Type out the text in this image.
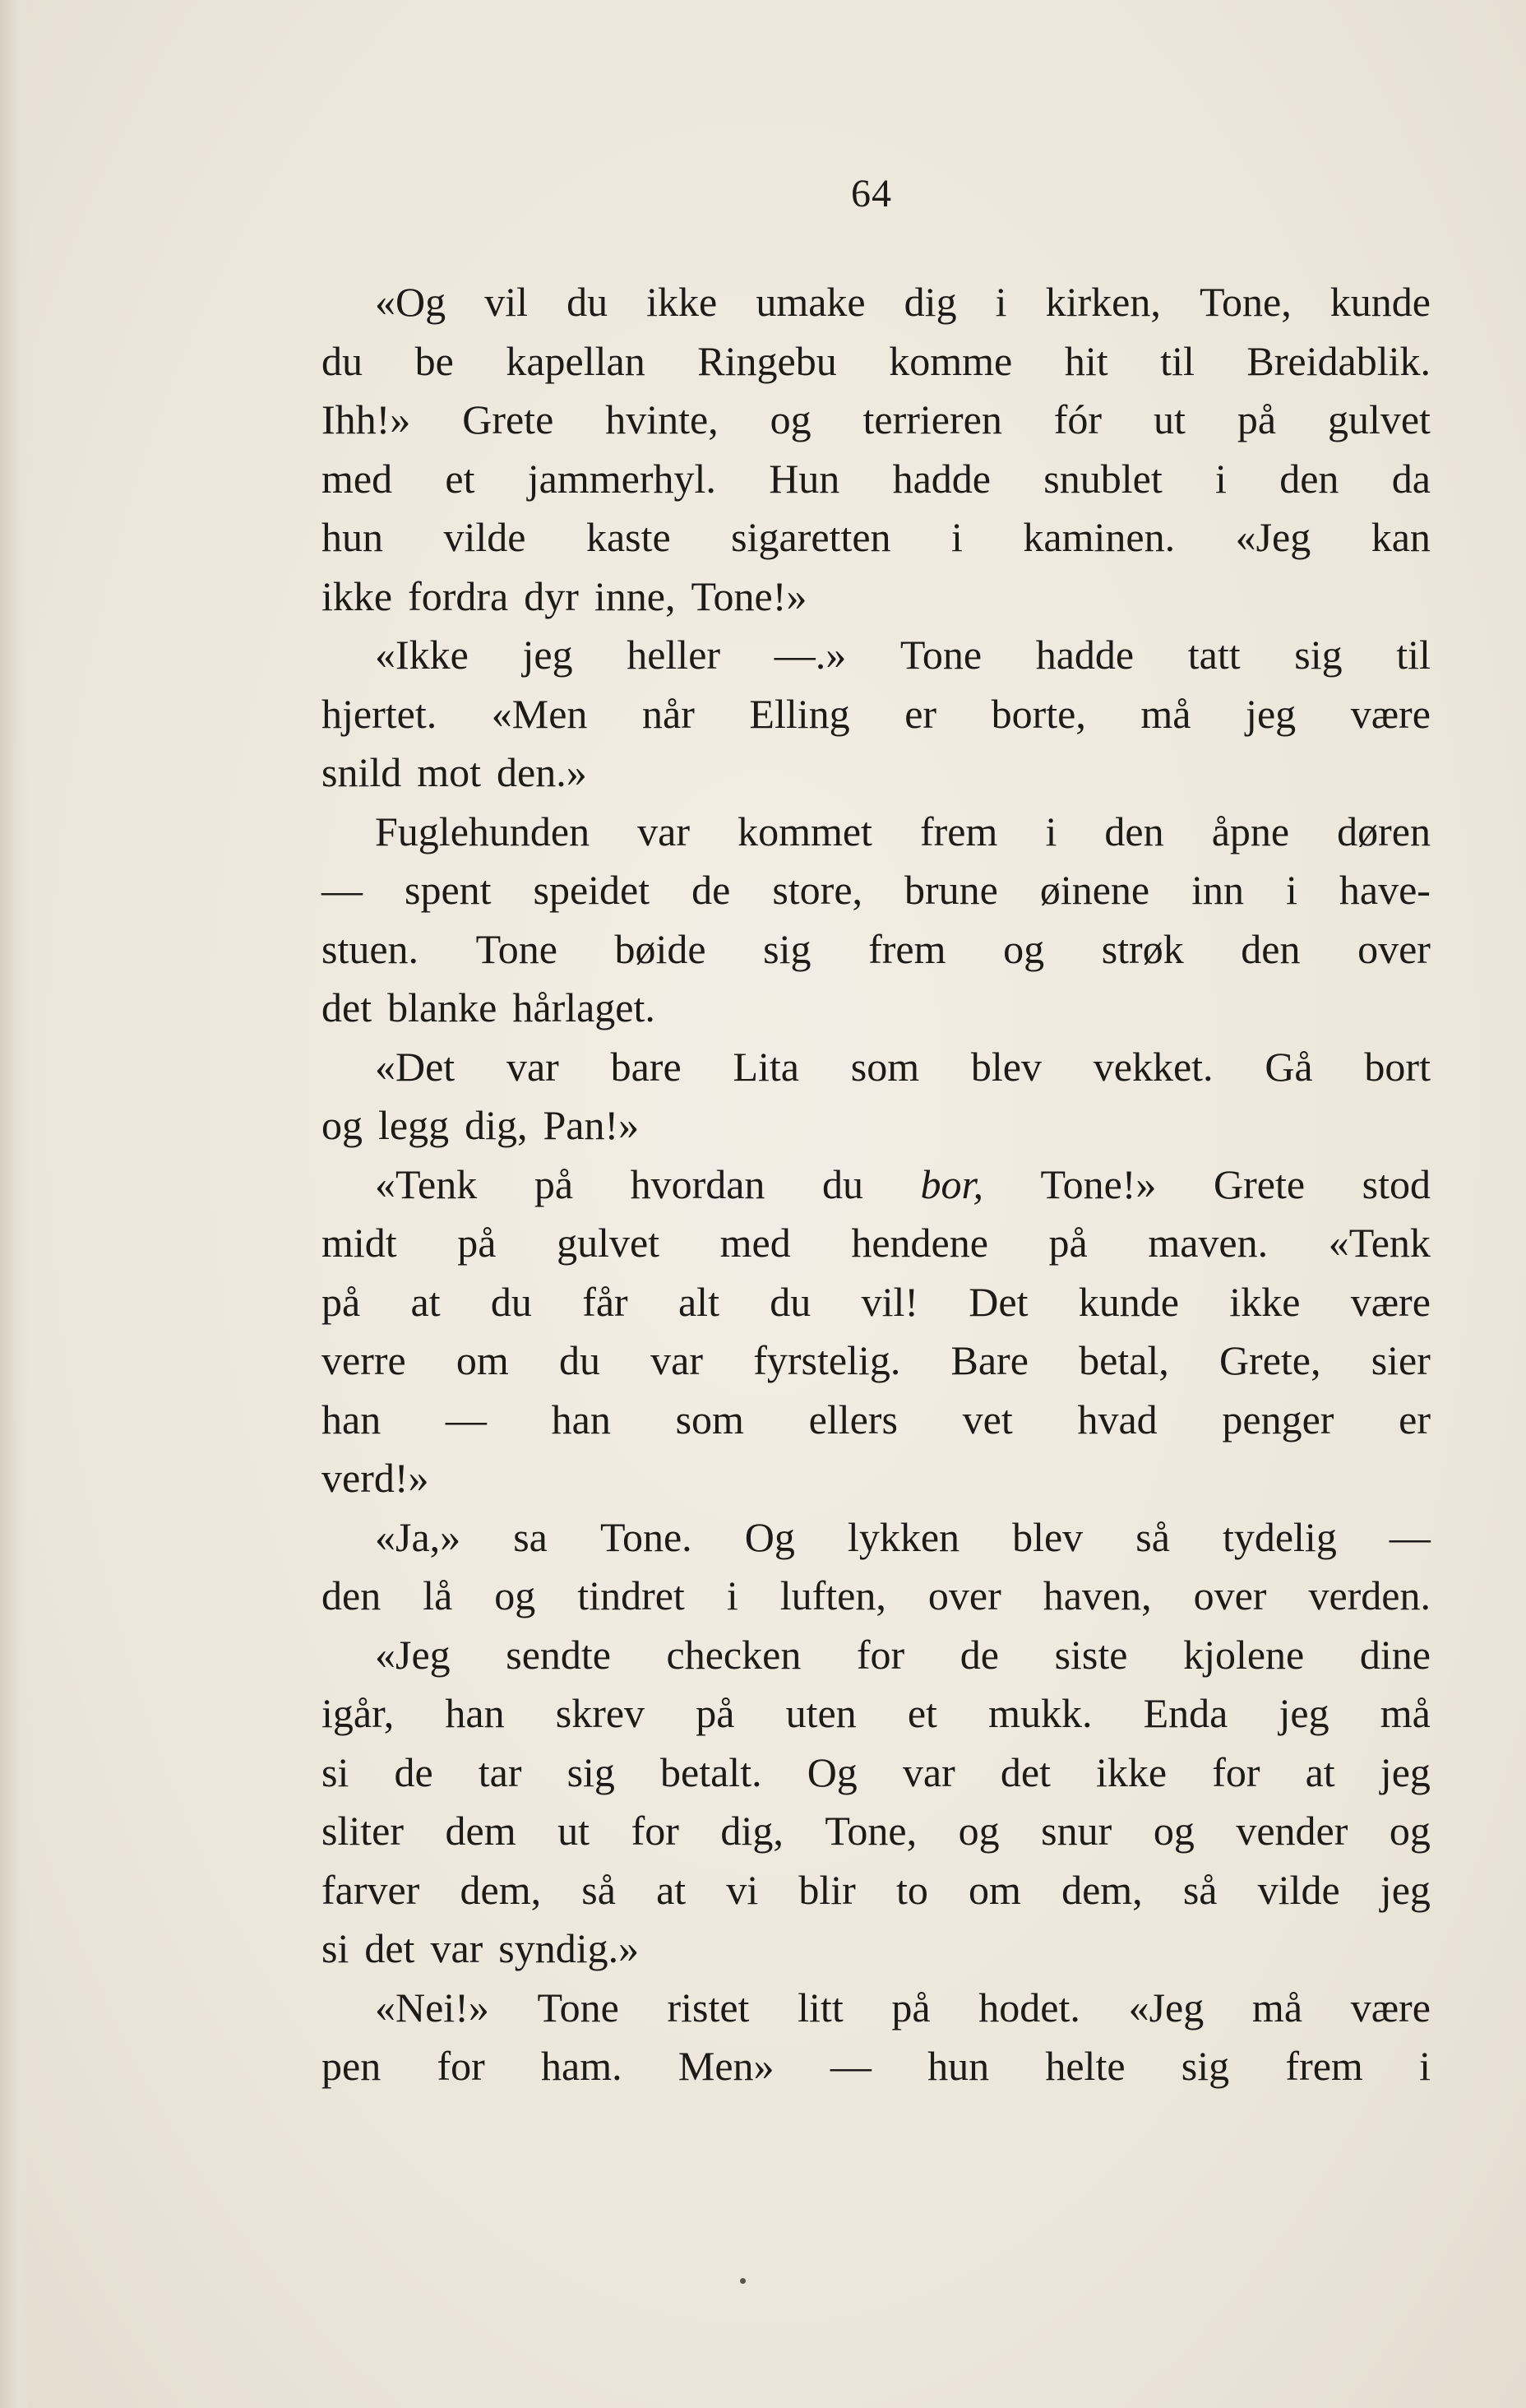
64
«Og vil du ikke umake dig i kirken, Tone, kunde
du be kapellan Ringebu komme hit til Breidablik.
Ihh!» Grete hvinte, og terrieren fór ut på gulvet
med et jammerhyl. Hun hadde snublet i den da
hun vilde kaste sigaretten i kaminen. «Jeg kan
ikke fordra dyr inne, Tone!»
«Ikke jeg heller —.» Tone hadde tatt sig til
hjertet. «Men når Elling er borte, må jeg være
snild mot den.»
Fuglehunden var kommet frem i den åpne døren
— spent speidet de store, brune øinene inn i have-
stuen. Tone bøide sig frem og strøk den over
det blanke hårlaget.
«Det var bare Lita som blev vekket. Gå bort
og legg dig, Pan!»
«Tenk på hvordan du bor, Tone!» Grete stod
midt på gulvet med hendene på maven. «Tenk
på at du får alt du vil! Det kunde ikke være
verre om du var fyrstelig. Bare betal, Grete, sier
han — han som ellers vet hvad penger er
verd!»
«Ja,» sa Tone. Og lykken blev så tydelig —
den lå og tindret i luften, over haven, over verden.
«Jeg sendte checken for de siste kjolene dine
igår, han skrev på uten et mukk. Enda jeg må
si de tar sig betalt. Og var det ikke for at jeg
sliter dem ut for dig, Tone, og snur og vender og
farver dem, så at vi blir to om dem, så vilde jeg
si det var syndig.»
«Nei!» Tone ristet litt på hodet. «Jeg må være
pen for ham. Men» — hun helte sig frem i
